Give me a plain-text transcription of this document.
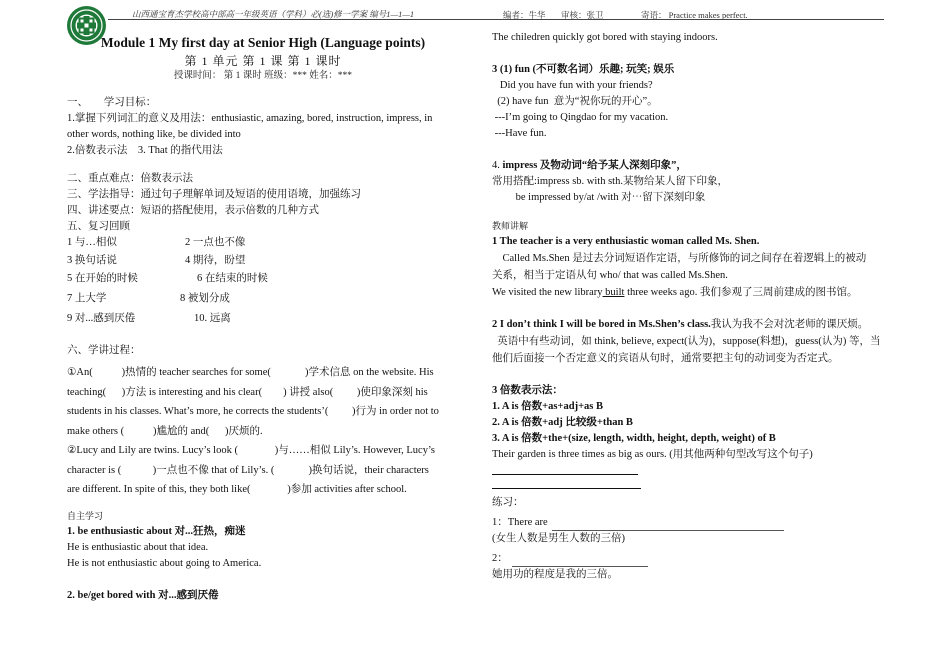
山西通宝育杰学校高中部高一年级英语（学科）必(选)修一学案 编号1—1—1	编者：牛华 审核：张卫	寄语： Practice makes perfect.
Module 1 My first day at Senior High (Language points)
第 1 单元 第 1 课 第 1 课时
授课时间： 第 1 课时 班级：*** 姓名：***
一、      学习目标：
1.掌握下列词汇的意义及用法：enthusiastic, amazing, bored, instruction, impress, in
other words, nothing like, be divided into
2.倍数表示法    3. That 的指代用法
二、重点难点：倍数表示法
三、学法指导：通过句子理解单词及短语的使用语境，加强练习
四、讲述要点：短语的搭配使用，表示倍数的几种方式
五、复习回顾
1 与…相似	2 一点也不像
3 换句话说	4 期待，盼望
5 在开始的时候	6 在结束的时候
7 上大学	8 被划分成
9 对...感到厌倦	10. 远离
六、学讲过程：
①An(           )热情的 teacher searches for some(             )学术信息 on the website. His
teaching(      )方法 is interesting and his clear(        ) 讲授 also(         )使印象深刻 his
students in his classes. What’s more, he corrects the students’(         )行为 in order not to
make others (           )尴尬的 and(      )厌烦的.
②Lucy and Lily are twins. Lucy’s look (              )与……相似 Lily’s. However, Lucy’s
character is (            )一点也不像 that of Lily’s. (             )换句话说，their characters
are different. In spite of this, they both like(              )参加 activities after school.
自主学习
1. be enthusiastic about 对...狂热，痴迷
He is enthusiastic about that idea.
He is not enthusiastic about going to America.
2. be/get bored with 对...感到厌倦
The chiledren quickly got bored with staying indoors.
3 (1) fun (不可数名词）乐趣; 玩笑; 娱乐
Did you have fun with your friends?
(2) have fun  意为“祝你玩的开心”。
---I’m going to Qingdao for my vacation.
---Have fun.
4. impress 及物动词“给予某人深刻印象”，
常用搭配:impress sb. with sth.某物给某人留下印象，
be impressed by/at /with 对⋯留下深刻印象
教师讲解
1 The teacher is a very enthusiastic woman called Ms. Shen.
Called Ms.Shen 是过去分词短语作定语，与所修饰的词之间存在着逻辑上的被动
关系，相当于定语从句 who/ that was called Ms.Shen.
We visited the new library built three weeks ago. 我们参观了三周前建成的图书馆。
2 I don’t think I will be bored in Ms.Shen’s class.我认为我不会对沈老师的课厌烦。
英语中有些动词，如 think, believe, expect(认为)，suppose(料想)，guess(认为) 等，当
他们后面接一个否定意义的宾语从句时，通常要把主句的动词变为否定式。
3 倍数表示法：
1. A is 倍数+as+adj+as B
2. A is 倍数+adj 比较级+than B
3. A is 倍数+the+(size, length, width, height, depth, weight) of B
Their garden is three times as big as ours. (用其他两种句型改写这个句子)
练习：
1：There are
(女生人数是男生人数的三倍)
2：
她用功的程度是我的三倍。
